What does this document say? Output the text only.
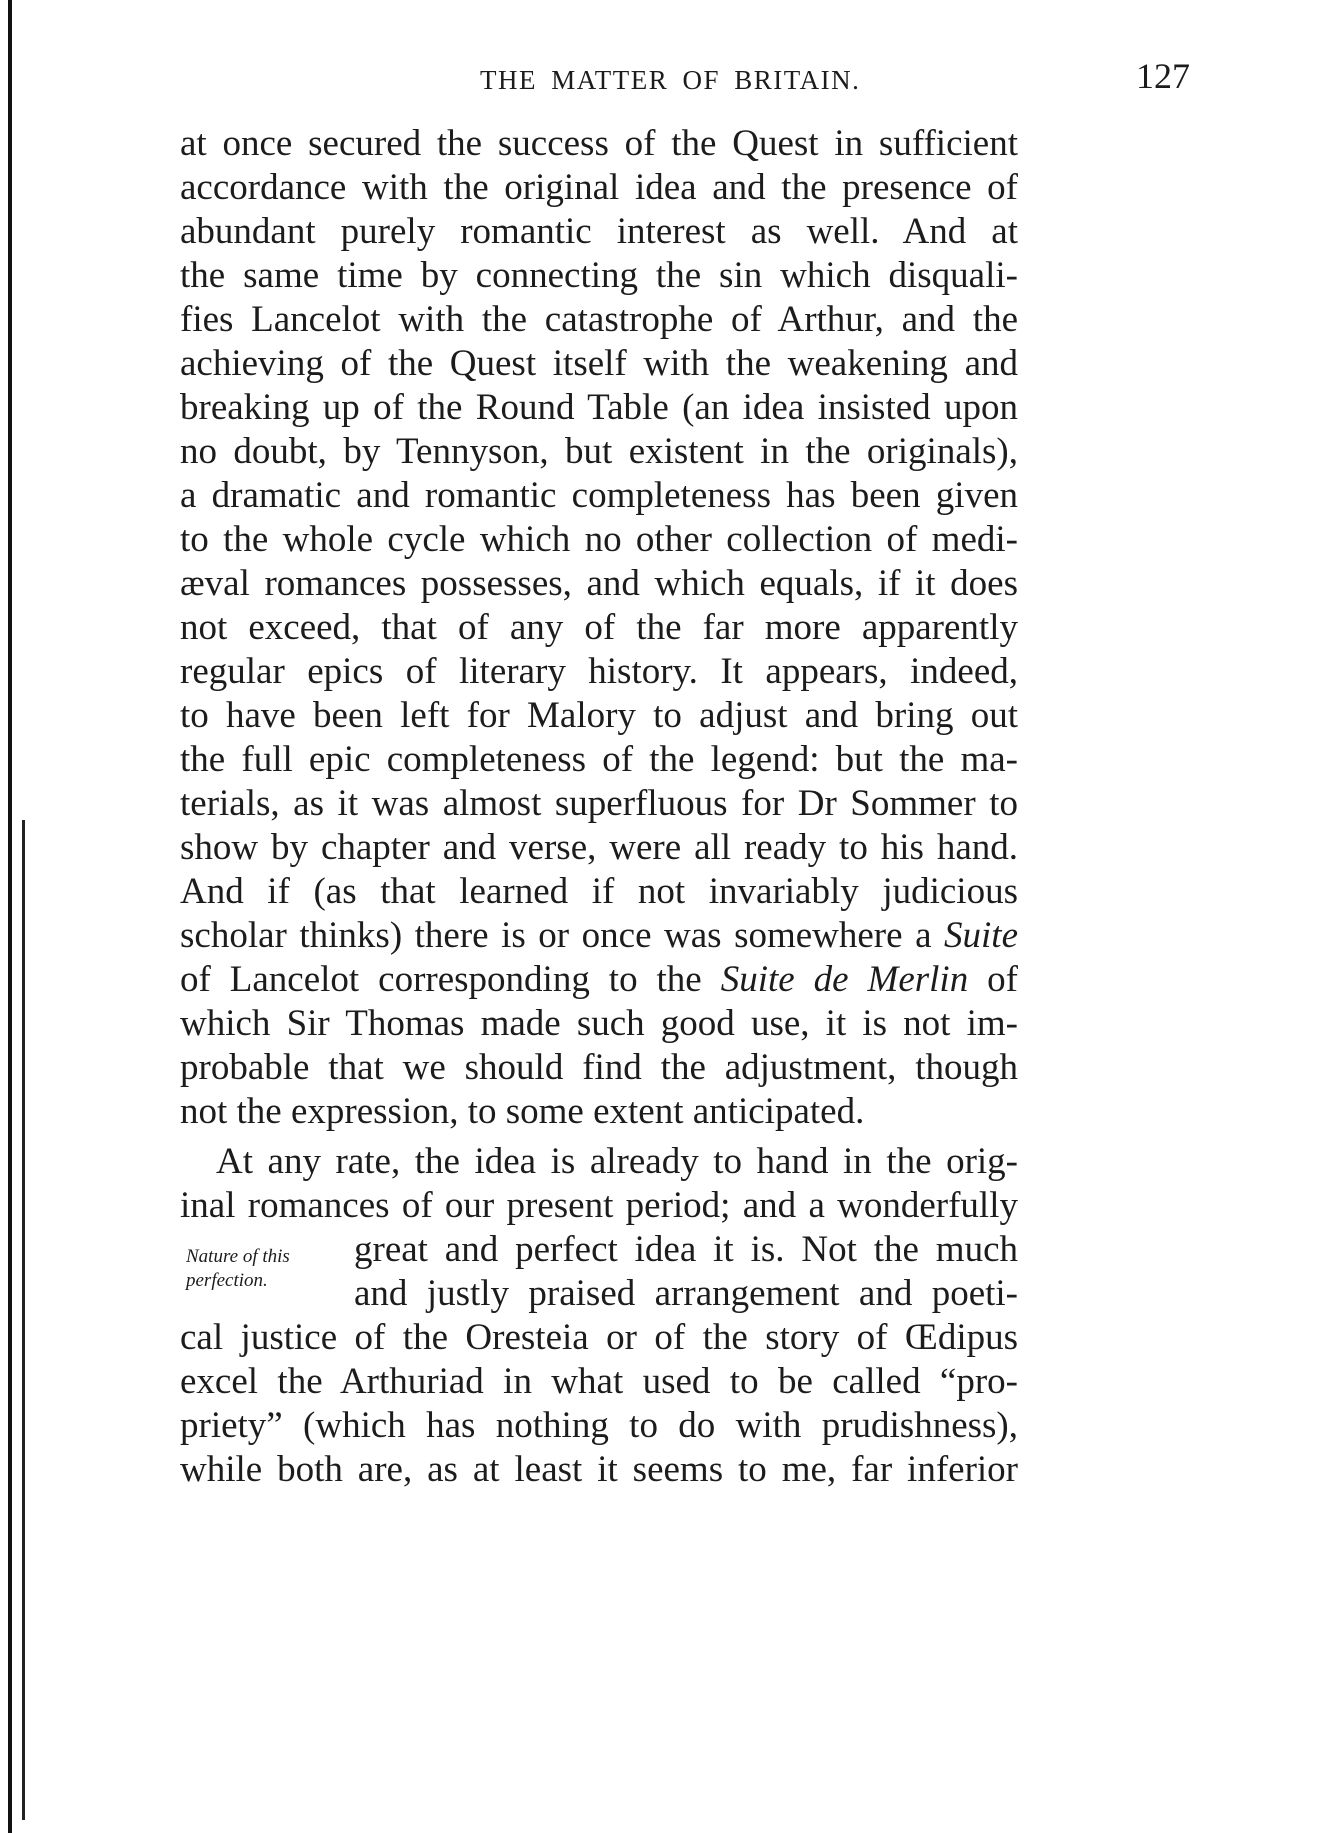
THE MATTER OF BRITAIN.	127
at once secured the success of the Quest in sufficient
accordance with the original idea and the presence of
abundant purely romantic interest as well. And at
the same time by connecting the sin which disquali-
fies Lancelot with the catastrophe of Arthur, and the
achieving of the Quest itself with the weakening and
breaking up of the Round Table (an idea insisted upon
no doubt, by Tennyson, but existent in the originals),
a dramatic and romantic completeness has been given
to the whole cycle which no other collection of medi-
æval romances possesses, and which equals, if it does
not exceed, that of any of the far more apparently
regular epics of literary history. It appears, indeed,
to have been left for Malory to adjust and bring out
the full epic completeness of the legend: but the ma-
terials, as it was almost superfluous for Dr Sommer to
show by chapter and verse, were all ready to his hand.
And if (as that learned if not invariably judicious
scholar thinks) there is or once was somewhere a Suite
of Lancelot corresponding to the Suite de Merlin of
which Sir Thomas made such good use, it is not im-
probable that we should find the adjustment, though
not the expression, to some extent anticipated.
At any rate, the idea is already to hand in the orig-
inal romances of our present period; and a wonderfully
great and perfect idea it is. Not the much
and justly praised arrangement and poeti-
cal justice of the Oresteia or of the story of Œdipus
excel the Arthuriad in what used to be called “pro-
priety” (which has nothing to do with prudishness),
while both are, as at least it seems to me, far inferior
Nature of this
perfection.
